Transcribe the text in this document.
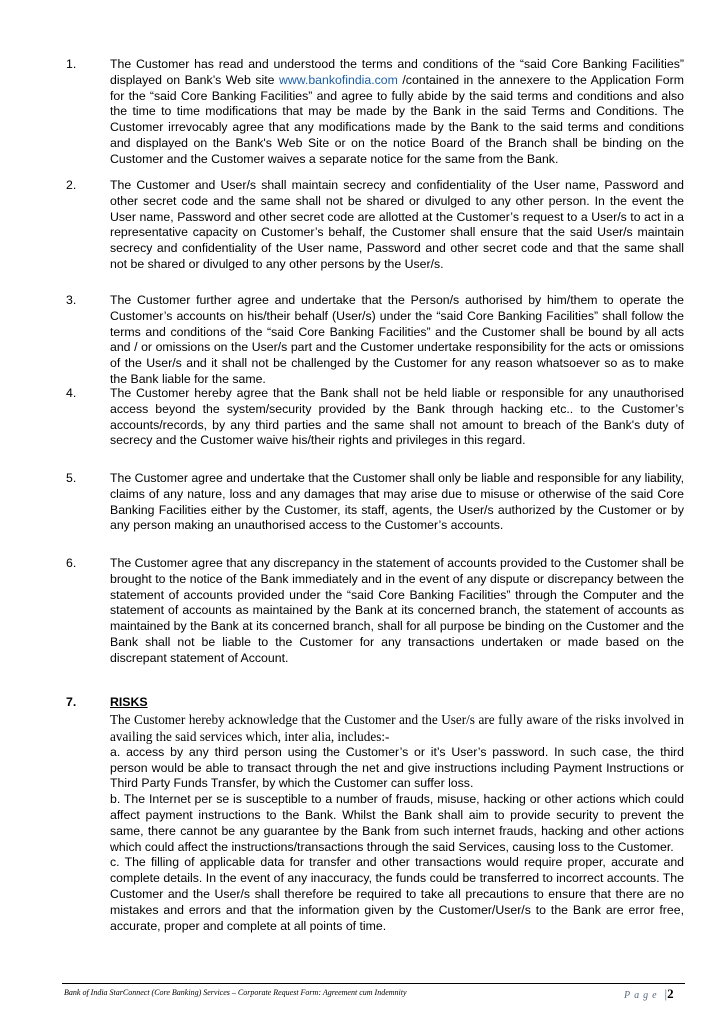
1.	The Customer has read and understood the terms and conditions of the “said Core Banking Facilities” displayed on Bank’s Web site www.bankofindia.com /contained in the annexere to the Application Form for the “said Core Banking Facilities” and agree to fully abide by the said terms and conditions and also the time to time modifications that may be made by the Bank in the said Terms and Conditions. The Customer irrevocably agree that any modifications made by the Bank to the said terms and conditions and displayed on the Bank's Web Site or on the notice Board of the Branch shall be binding on the Customer and the Customer waives a separate notice for the same from the Bank.
2.	The Customer and User/s shall maintain secrecy and confidentiality of the User name, Password and other secret code and the same shall not be shared or divulged to any other person. In the event the User name, Password and other secret code are allotted at the Customer’s request to a User/s to act in a representative capacity on Customer’s behalf, the Customer shall ensure that the said User/s maintain secrecy and confidentiality of the User name, Password and other secret code and that the same shall not be shared or divulged to any other persons by the User/s.
3.	The Customer further agree and undertake that the Person/s authorised by him/them to operate the Customer’s accounts on his/their behalf (User/s) under the “said Core Banking Facilities” shall follow the terms and conditions of the “said Core Banking Facilities” and the Customer shall be bound by all acts and / or omissions on the User/s part and the Customer undertake responsibility for the acts or omissions of the User/s and it shall not be challenged by the Customer for any reason whatsoever so as to make the Bank liable for the same.
4.	The Customer hereby agree that the Bank shall not be held liable or responsible for any unauthorised access beyond the system/security provided by the Bank through hacking etc.. to the Customer’s accounts/records, by any third parties and the same shall not amount to breach of the Bank's duty of secrecy and the Customer waive his/their rights and privileges in this regard.
5.	The Customer agree and undertake that the Customer shall only be liable and responsible for any liability, claims of any nature, loss and any damages that may arise due to misuse or otherwise of the said Core Banking Facilities either by the Customer, its staff, agents, the User/s authorized by the Customer or by any person making an unauthorised access to the Customer’s accounts.
6.	The Customer agree that any discrepancy in the statement of accounts provided to the Customer shall be brought to the notice of the Bank immediately and in the event of any dispute or discrepancy between the statement of accounts provided under the “said Core Banking Facilities” through the Computer and the statement of accounts as maintained by the Bank at its concerned branch, the statement of accounts as maintained by the Bank at its concerned branch, shall for all purpose be binding on the Customer and the Bank shall not be liable to the Customer for any transactions undertaken or made based on the discrepant statement of Account.
7.	RISKS
The Customer hereby acknowledge that the Customer and the User/s are fully aware of the risks involved in availing the said services which, inter alia, includes:-
a. access by any third person using the Customer’s or it’s User’s password. In such case, the third person would be able to transact through the net and give instructions including Payment Instructions or Third Party Funds Transfer, by which the Customer can suffer loss.
b. The Internet per se is susceptible to a number of frauds, misuse, hacking or other actions which could affect payment instructions to the Bank. Whilst the Bank shall aim to provide security to prevent the same, there cannot be any guarantee by the Bank from such internet frauds, hacking and other actions which could affect the instructions/transactions through the said Services, causing loss to the Customer.
c. The filling of applicable data for transfer and other transactions would require proper, accurate and complete details. In the event of any inaccuracy, the funds could be transferred to incorrect accounts. The Customer and the User/s shall therefore be required to take all precautions to ensure that there are no mistakes and errors and that the information given by the Customer/User/s to the Bank are error free, accurate, proper and complete at all points of time.
Bank of India StarConnect (Core Banking) Services – Corporate Request Form: Agreement cum Indemnity	Page |2
